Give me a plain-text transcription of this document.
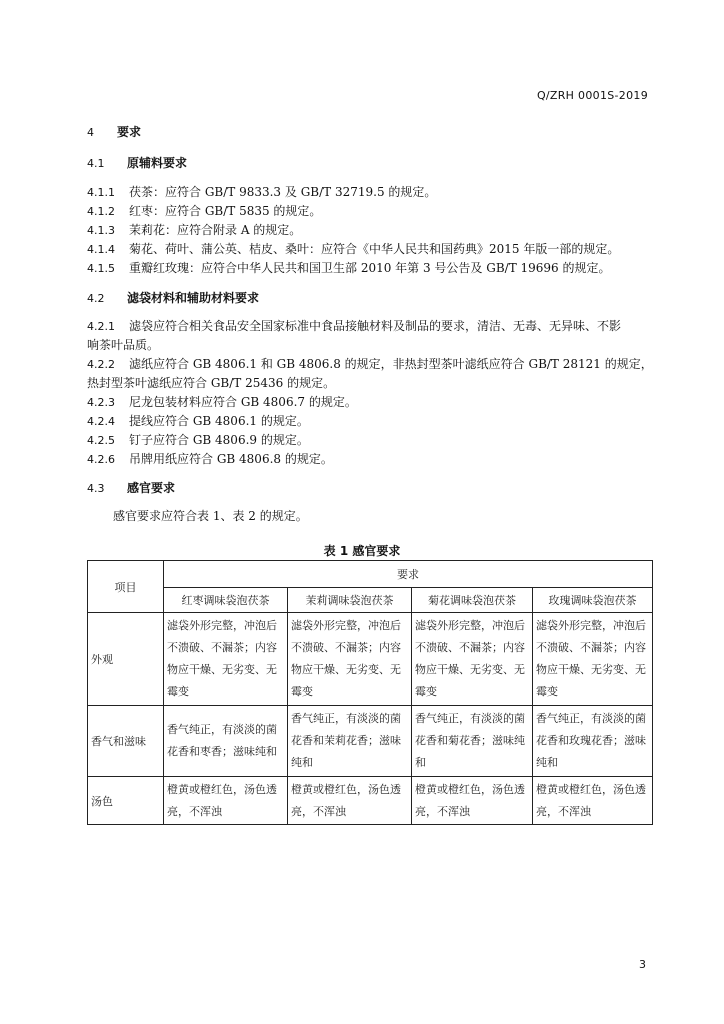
Q/ZRH 0001S-2019
4 要求
4.1 原辅料要求
4.1.1 茯茶：应符合 GB/T 9833.3 及 GB/T 32719.5 的规定。
4.1.2 红枣：应符合 GB/T 5835 的规定。
4.1.3 茉莉花：应符合附录 A 的规定。
4.1.4 菊花、荷叶、蒲公英、桔皮、桑叶：应符合《中华人民共和国药典》2015 年版一部的规定。
4.1.5 重瓣红玫瑰：应符合中华人民共和国卫生部 2010 年第 3 号公告及 GB/T 19696 的规定。
4.2 滤袋材料和辅助材料要求
4.2.1 滤袋应符合相关食品安全国家标准中食品接触材料及制品的要求，清洁、无毒、无异味、不影
响茶叶品质。
4.2.2 滤纸应符合 GB 4806.1 和 GB 4806.8 的规定，非热封型茶叶滤纸应符合 GB/T 28121 的规定，
热封型茶叶滤纸应符合 GB/T 25436 的规定。
4.2.3 尼龙包装材料应符合 GB 4806.7 的规定。
4.2.4 提线应符合 GB 4806.1 的规定。
4.2.5 钉子应符合 GB 4806.9 的规定。
4.2.6 吊牌用纸应符合 GB 4806.8 的规定。
4.3 感官要求
感官要求应符合表 1、表 2 的规定。
表 1 感官要求
项目	要求			
	红枣调味袋泡茯茶	茉莉调味袋泡茯茶	菊花调味袋泡茯茶	玫瑰调味袋泡茯茶
外观	滤袋外形完整，冲泡后不溃破、不漏茶；内容物应干燥、无劣变、无霉变	滤袋外形完整，冲泡后不溃破、不漏茶；内容物应干燥、无劣变、无霉变	滤袋外形完整，冲泡后不溃破、不漏茶；内容物应干燥、无劣变、无霉变	滤袋外形完整，冲泡后不溃破、不漏茶；内容物应干燥、无劣变、无霉变
香气和滋味	香气纯正，有淡淡的菌花香和枣香；滋味纯和	香气纯正，有淡淡的菌花香和茉莉花香；滋味纯和	香气纯正，有淡淡的菌花香和菊花香；滋味纯和	香气纯正，有淡淡的菌花香和玫瑰花香；滋味纯和
汤色	橙黄或橙红色，汤色透亮，不浑浊	橙黄或橙红色，汤色透亮，不浑浊	橙黄或橙红色，汤色透亮，不浑浊	橙黄或橙红色，汤色透亮，不浑浊
3
